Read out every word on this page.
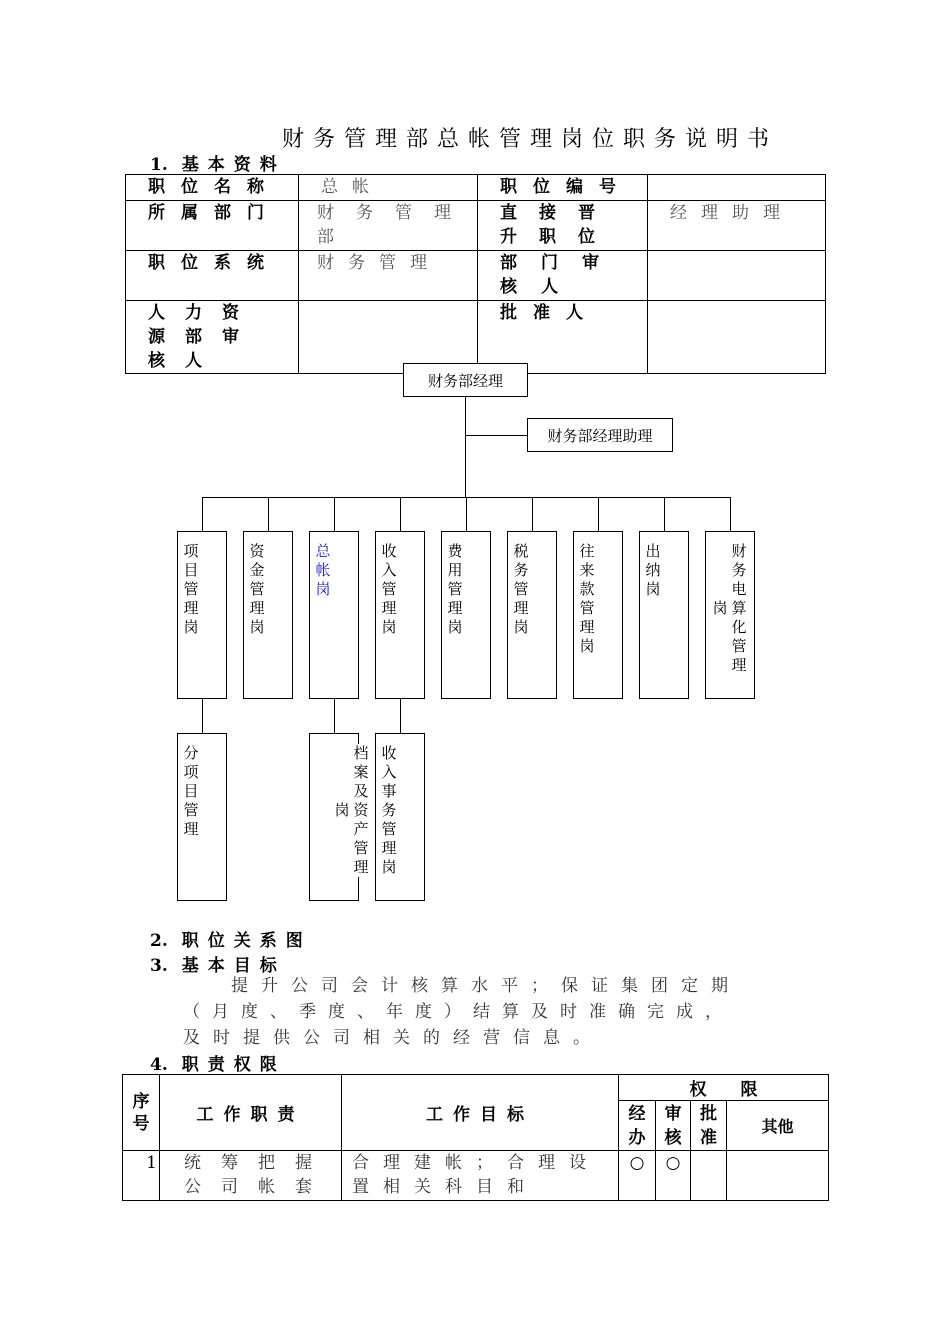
财务管理部总帐管理岗位职务说明书
1. 基本资料
职位名称	总帐	职位编号	
所属部门	财务管理部	直接晋升职位	经理助理
职位系统	财务管理	部门审核人	
人力资源部审核人		批准人	
财务部经理
财务部经理助理
项目管理岗
资金管理岗
总帐岗
收入管理岗
费用管理岗
税务管理岗
往来款管理岗
出纳岗
财务电算化管理
岗
分项目管理
档案及资产管理
岗
收入事务管理岗
2. 职位关系图
3. 基本目标
提升公司会计核算水平；保证集团定期
（月度、季度、年度）结算及时准确完成，
及时提供公司相关的经营信息。
4. 职责权限
序号	工作职责	工作目标	权　　限			
			经办	审核	批准	其他
1	统筹把握公司帐套	合理建帐；合理设置相关科目和	○	○		
